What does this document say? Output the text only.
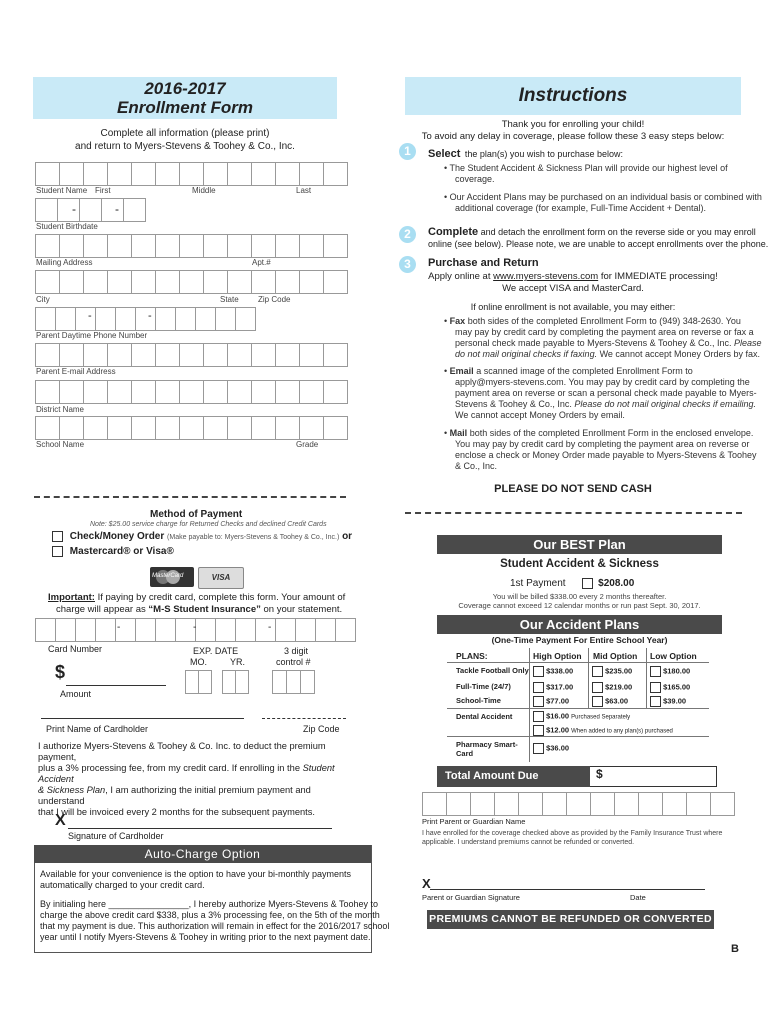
2016-2017
Enrollment Form
Complete all information (please print)
and return to Myers-Stevens & Toohey & Co., Inc.
Student Name First	Middle	Last
-	-
Student Birthdate
Mailing Address	Apt.#
City	State Zip Code
-	-
Parent Daytime Phone Number
Parent E-mail Address
District Name
School Name	Grade
Method of Payment
Note: $25.00 service charge for Returned Checks and declined Credit Cards
Check/Money Order (Make payable to: Myers-Stevens & Toohey & Co., Inc.) or
Mastercard® or Visa®
MasterCard	VISA
Important: If paying by credit card, complete this form. Your amount of
charge will appear as “M-S Student Insurance” on your statement.
-	-	-
Card Number	EXP. DATE
MO.	YR.
3 digit
control #
$
Amount
Print Name of Cardholder	Zip Code
I authorize Myers-Stevens & Toohey & Co. Inc. to deduct the premium payment,
plus a 3% processing fee, from my credit card. If enrolling in the Student Accident
& Sickness Plan, I am authorizing the initial premium payment and understand
that I will be invoiced every 2 months for the subsequent payments.
X
Signature of Cardholder
Auto-Charge Option
Available for your convenience is the option to have your bi-monthly payments
automatically charged to your credit card.
By initialing here ________________, I hereby authorize Myers-Stevens & Toohey to
charge the above credit card $338, plus a 3% processing fee, on the 5th of the month
that my payment is due. This authorization will remain in effect for the 2016/2017 school
year until I notify Myers-Stevens & Toohey in writing prior to the next payment date.
Instructions
Thank you for enrolling your child!
To avoid any delay in coverage, please follow these 3 easy steps below:
1	Select the plan(s) you wish to purchase below:
• The Student Accident & Sickness Plan will provide our highest level of
coverage.
• Our Accident Plans may be purchased on an individual basis or combined with
additional coverage (for example, Full-Time Accident + Dental).
2	Complete and detach the enrollment form on the reverse side or you may enroll
online (see below). Please note, we are unable to accept enrollments over the phone.
3	Purchase and Return
Apply online at www.myers-stevens.com for IMMEDIATE processing!
We accept VISA and MasterCard.
If online enrollment is not available, you may either:
• Fax both sides of the completed Enrollment Form to (949) 348-2630. You
may pay by credit card by completing the payment area on reverse or fax a
personal check made payable to Myers-Stevens & Toohey & Co., Inc. Please
do not mail original checks if faxing. We cannot accept Money Orders by fax.
• Email a scanned image of the completed Enrollment Form to
apply@myers-stevens.com. You may pay by credit card by completing the
payment area on reverse or scan a personal check made payable to Myers-
Stevens & Toohey & Co., Inc. Please do not mail original checks if emailing.
We cannot accept Money Orders by email.
• Mail both sides of the completed Enrollment Form in the enclosed envelope.
You may pay by credit card by completing the payment area on reverse or
enclose a check or Money Order made payable to Myers-Stevens & Toohey
& Co., Inc.
PLEASE DO NOT SEND CASH
Our BEST Plan
Student Accident & Sickness
1st Payment	$208.00
You will be billed $338.00 every 2 months thereafter.
Coverage cannot exceed 12 calendar months or run past Sept. 30, 2017.
Our Accident Plans
(One-Time Payment For Entire School Year)
PLANS:	High Option Mid Option Low Option
Tackle Football Only	$338.00	$235.00	$180.00
Full-Time (24/7)	$317.00	$219.00	$165.00
School-Time	$77.00	$63.00	$39.00
Dental Accident	$16.00 Purchased Separately
$12.00 When added to any plan(s) purchased
Pharmacy Smart-
Card
$36.00
Total Amount Due	$
Print Parent or Guardian Name
I have enrolled for the coverage checked above as provided by the Family Insurance Trust where
applicable. I understand premiums cannot be refunded or converted.
X
Parent or Guardian Signature	Date
PREMIUMS CANNOT BE REFUNDED OR CONVERTED
B
